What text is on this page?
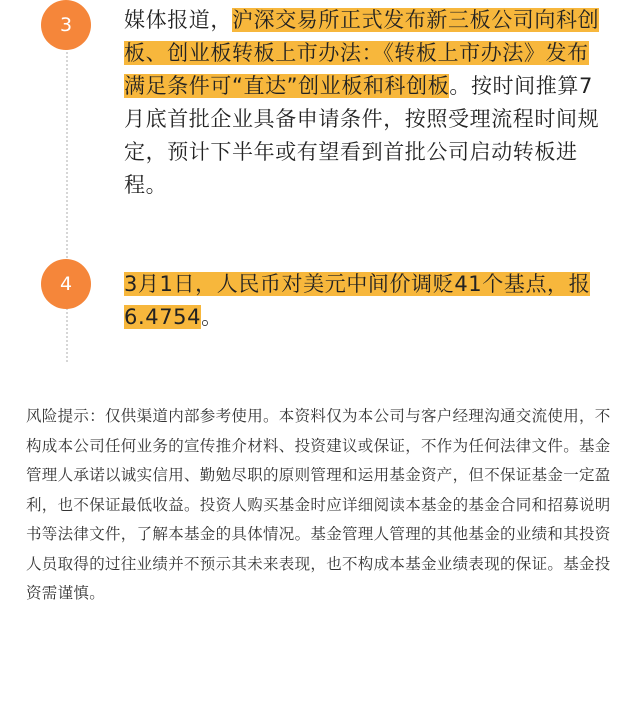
3	媒体报道，沪深交易所正式发布新三板公司向科创板、创业板转板上市办法：《转板上市办法》发布满足条件可“直达”创业板和科创板。按时间推算7月底首批企业具备申请条件，按照受理流程时间规定，预计下半年或有望看到首批公司启动转板进程。
4	3月1日，人民币对美元中间价调贬41个基点，报6.4754。
风险提示：仅供渠道内部参考使用。本资料仅为本公司与客户经理沟通交流使用，不构成本公司任何业务的宣传推介材料、投资建议或保证，不作为任何法律文件。基金管理人承诺以诚实信用、勤勉尽职的原则管理和运用基金资产，但不保证基金一定盈利，也不保证最低收益。投资人购买基金时应详细阅读本基金的基金合同和招募说明书等法律文件，了解本基金的具体情况。基金管理人管理的其他基金的业绩和其投资人员取得的过往业绩并不预示其未来表现，也不构成本基金业绩表现的保证。基金投资需谨慎。
